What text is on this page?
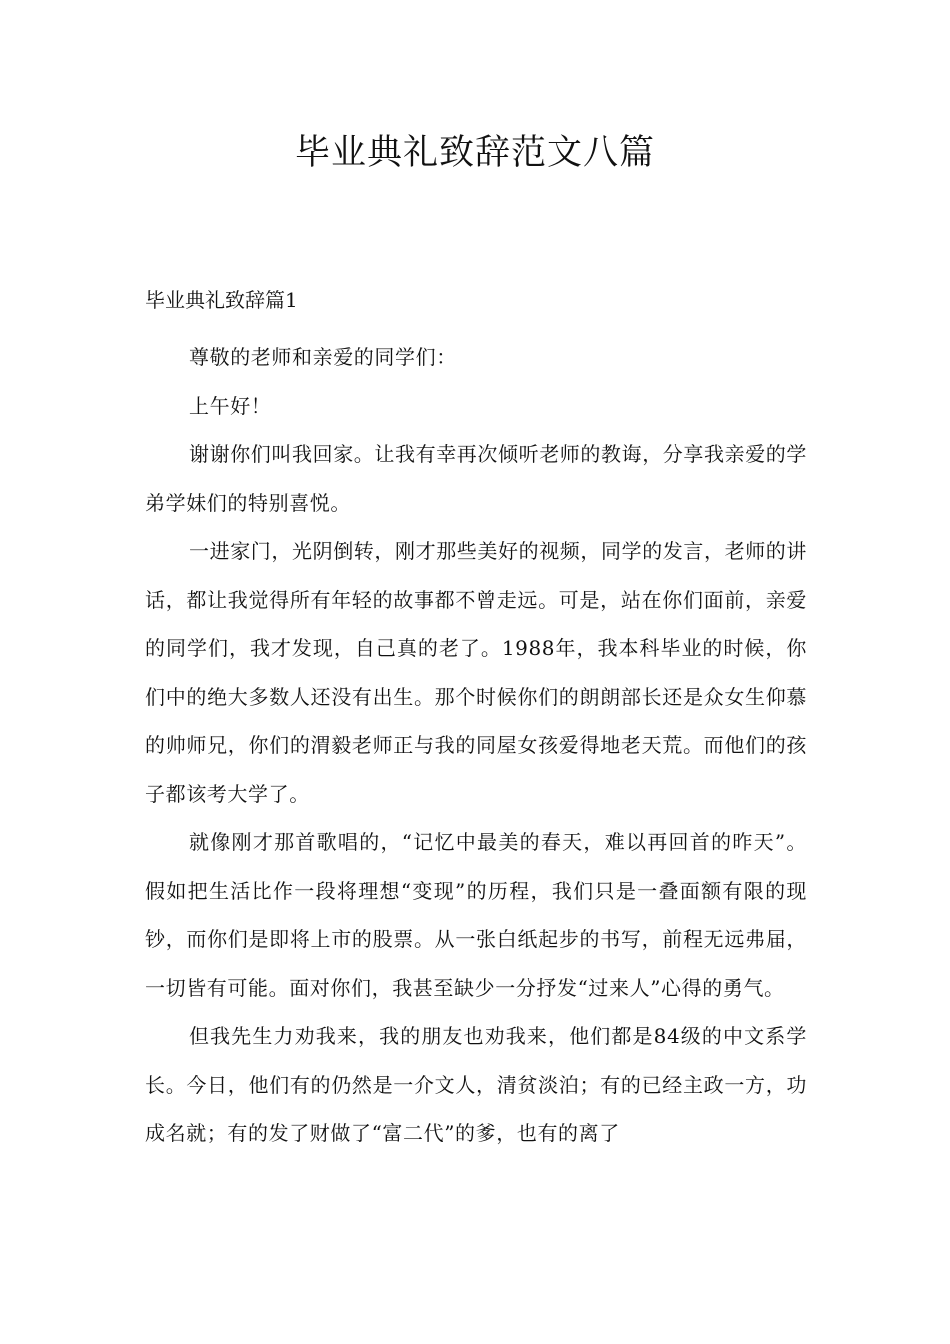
毕业典礼致辞范文八篇

毕业典礼致辞篇1

尊敬的老师和亲爱的同学们：

上午好！

谢谢你们叫我回家。让我有幸再次倾听老师的教诲，分享我亲爱的学弟学妹们的特别喜悦。

一进家门，光阴倒转，刚才那些美好的视频，同学的发言，老师的讲话，都让我觉得所有年轻的故事都不曾走远。可是，站在你们面前，亲爱的同学们，我才发现，自己真的老了。1988年，我本科毕业的时候，你们中的绝大多数人还没有出生。那个时候你们的朗朗部长还是众女生仰慕的帅师兄，你们的渭毅老师正与我的同屋女孩爱得地老天荒。而他们的孩子都该考大学了。

就像刚才那首歌唱的，“记忆中最美的春天，难以再回首的昨天”。假如把生活比作一段将理想“变现”的历程，我们只是一叠面额有限的现钞，而你们是即将上市的股票。从一张白纸起步的书写，前程无远弗届，一切皆有可能。面对你们，我甚至缺少一分抒发“过来人”心得的勇气。

但我先生力劝我来，我的朋友也劝我来，他们都是84级的中文系学长。今日，他们有的仍然是一介文人，清贫淡泊；有的已经主政一方，功成名就；有的发了财做了“富二代”的爹，也有的离了
